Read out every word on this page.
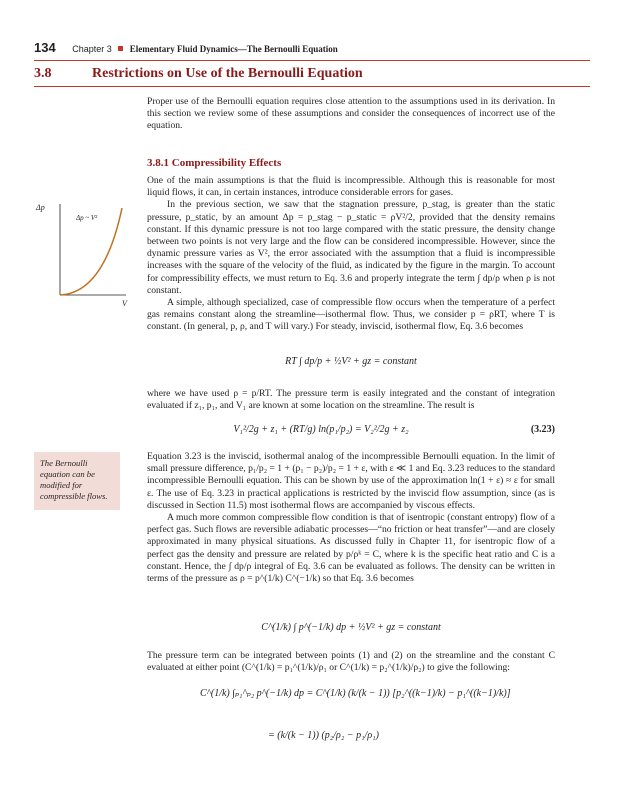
134 Chapter 3 Elementary Fluid Dynamics—The Bernoulli Equation
3.8	Restrictions on Use of the Bernoulli Equation

Proper use of the Bernoulli equation requires close attention to the assumptions used in its derivation. In this section we review some of these assumptions and consider the consequences of incorrect use of the equation.

3.8.1 Compressibility Effects

One of the main assumptions is that the fluid is incompressible. Although this is reasonable for most liquid flows, it can, in certain instances, introduce considerable errors for gases.

In the previous section, we saw that the stagnation pressure, p_stag, is greater than the static pressure, p_static, by an amount Δp = p_stag − p_static = ρV²/2, provided that the density remains constant. If this dynamic pressure is not too large compared with the static pressure, the density change between two points is not very large and the flow can be considered incompressible. However, since the dynamic pressure varies as V², the error associated with the assumption that a fluid is incompressible increases with the square of the velocity of the fluid, as indicated by the figure in the margin. To account for compressibility effects, we must return to Eq. 3.6 and properly integrate the term ∫ dp/ρ when ρ is not constant.

A simple, although specialized, case of compressible flow occurs when the temperature of a perfect gas remains constant along the streamline—isothermal flow. Thus, we consider p = ρRT, where T is constant. (In general, p, ρ, and T will vary.) For steady, inviscid, isothermal flow, Eq. 3.6 becomes

Δp
Δp ~ V²
V
RT ∫ dp/p + ½V² + gz = constant

where we have used ρ = p/RT. The pressure term is easily integrated and the constant of integration evaluated if z₁, p₁, and V₁ are known at some location on the streamline. The result is

V₁²/2g + z₁ + (RT/g) ln(p₁/p₂) = V₂²/2g + z₂	(3.23)
The Bernoulli equation can be modified for compressible flows.

Equation 3.23 is the inviscid, isothermal analog of the incompressible Bernoulli equation. In the limit of small pressure difference, p₁/p₂ = 1 + (p₁ − p₂)/p₂ = 1 + ε, with ε ≪ 1 and Eq. 3.23 reduces to the standard incompressible Bernoulli equation. This can be shown by use of the approximation ln(1 + ε) ≈ ε for small ε. The use of Eq. 3.23 in practical applications is restricted by the inviscid flow assumption, since (as is discussed in Section 11.5) most isothermal flows are accompanied by viscous effects.

A much more common compressible flow condition is that of isentropic (constant entropy) flow of a perfect gas. Such flows are reversible adiabatic processes—“no friction or heat transfer”—and are closely approximated in many physical situations. As discussed fully in Chapter 11, for isentropic flow of a perfect gas the density and pressure are related by p/ρᵏ = C, where k is the specific heat ratio and C is a constant. Hence, the ∫ dp/ρ integral of Eq. 3.6 can be evaluated as follows. The density can be written in terms of the pressure as ρ = p^(1/k) C^(−1/k) so that Eq. 3.6 becomes

C^(1/k) ∫ p^(−1/k) dp + ½V² + gz = constant

The pressure term can be integrated between points (1) and (2) on the streamline and the constant C evaluated at either point (C^(1/k) = p₁^(1/k)/ρ₁ or C^(1/k) = p₂^(1/k)/ρ₂) to give the following:

C^(1/k) ∫ₚ₁^ₚ₂ p^(−1/k) dp = C^(1/k) (k/(k − 1)) [p₂^((k−1)/k) − p₁^((k−1)/k)]
= (k/(k − 1)) (p₂/ρ₂ − p₁/ρ₁)
